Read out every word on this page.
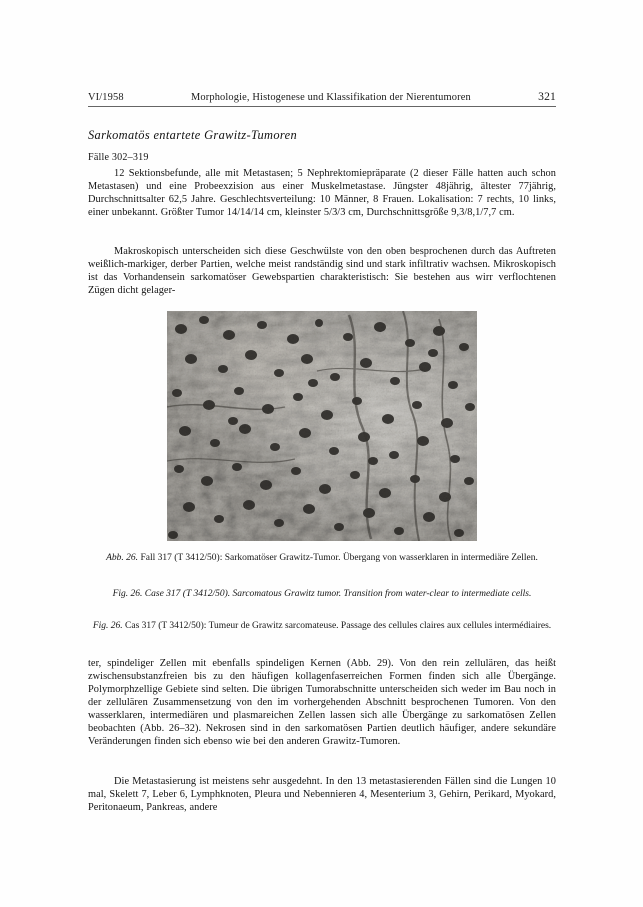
VI/1958	Morphologie, Histogenese und Klassifikation der Nierentumoren	321
Sarkomatös entartete Grawitz-Tumoren
Fälle 302–319

12 Sektionsbefunde, alle mit Metastasen; 5 Nephrektomiepräparate (2 dieser Fälle hatten auch schon Metastasen) und eine Probeexzision aus einer Muskelmetastase. Jüngster 48jährig, ältester 77jährig, Durchschnittsalter 62,5 Jahre. Geschlechtsverteilung: 10 Männer, 8 Frauen. Lokalisation: 7 rechts, 10 links, einer unbekannt. Größter Tumor 14/14/14 cm, kleinster 5/3/3 cm, Durchschnittsgröße 9,3/8,1/7,7 cm.

Makroskopisch unterscheiden sich diese Geschwülste von den oben besprochenen durch das Auftreten weißlich-markiger, derber Partien, welche meist randständig sind und stark infiltrativ wachsen. Mikroskopisch ist das Vorhandensein sarkomatöser Gewebspartien charakteristisch: Sie bestehen aus wirr verflochtenen Zügen dicht gelager-

Abb. 26. Fall 317 (T 3412/50): Sarkomatöser Grawitz-Tumor. Übergang von wasserklaren in intermediäre Zellen.
Fig. 26. Case 317 (T 3412/50). Sarcomatous Grawitz tumor. Transition from water-clear to intermediate cells.
Fig. 26. Cas 317 (T 3412/50): Tumeur de Grawitz sarcomateuse. Passage des cellules claires aux cellules intermédiaires.

ter, spindeliger Zellen mit ebenfalls spindeligen Kernen (Abb. 29). Von den rein zellulären, das heißt zwischensubstanzfreien bis zu den häufigen kollagenfaserreichen Formen finden sich alle Übergänge. Polymorphzellige Gebiete sind selten. Die übrigen Tumorabschnitte unterscheiden sich weder im Bau noch in der zellulären Zusammensetzung von den im vorhergehenden Abschnitt besprochenen Tumoren. Von den wasserklaren, intermediären und plasmareichen Zellen lassen sich alle Übergänge zu sarkomatösen Zellen beobachten (Abb. 26–32). Nekrosen sind in den sarkomatösen Partien deutlich häufiger, andere sekundäre Veränderungen finden sich ebenso wie bei den anderen Grawitz-Tumoren.

Die Metastasierung ist meistens sehr ausgedehnt. In den 13 metastasierenden Fällen sind die Lungen 10 mal, Skelett 7, Leber 6, Lymphknoten, Pleura und Nebennieren 4, Mesenterium 3, Gehirn, Perikard, Myokard, Peritonaeum, Pankreas, andere
